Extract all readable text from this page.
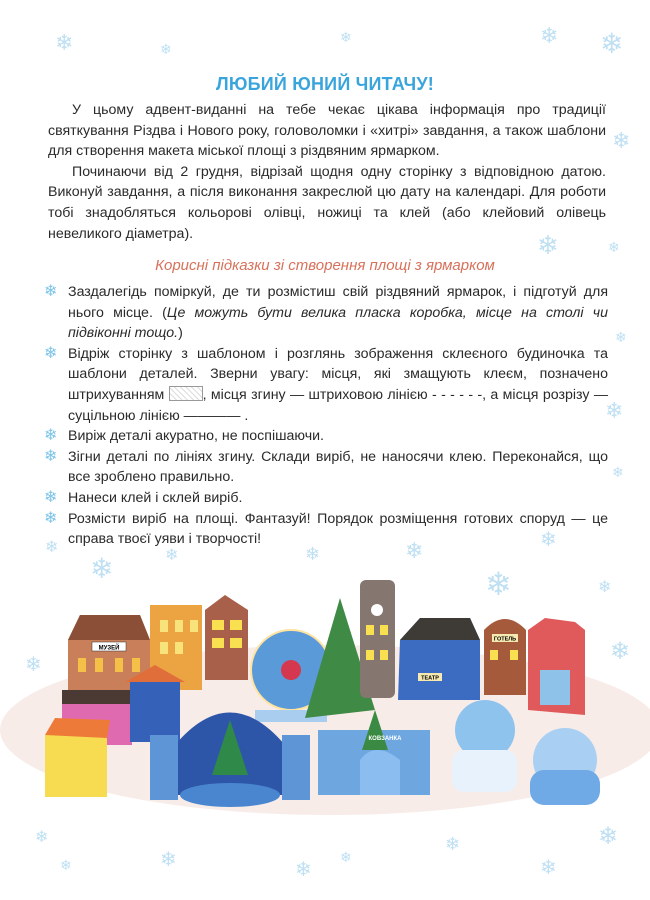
❄	❄
❄	❄ ❄
❄
❄	❄
❄
❄
❄
❄
❄	❄	❄	❄
❄
❄
❄
❄	❄
❄
❄
❄	❄
❄
❄
❄
❄
ЛЮБИЙ ЮНИЙ ЧИТАЧУ!

У цьому адвент-виданні на тебе чекає цікава інформація про традиції святкування Різдва і Нового року, головоломки і «хитрі» завдання, а також шаблони для створення макета міської площі з різдвяним ярмарком.

Починаючи від 2 грудня, відрізай щодня одну сторінку з відповідною датою. Виконуй завдання, а після виконання закреслюй цю дату на календарі. Для роботи тобі знадобляться кольорові олівці, ножиці та клей (або клейовий олівець невеликого діаметра).

Корисні підказки зі створення площі з ярмарком
❄ Заздалегідь поміркуй, де ти розмістиш свій різдвяний ярмарок, і підготуй для нього місце. (Це можуть бути велика пласка коробка, місце на столі чи підвіконні тощо.)
❄ Відріж сторінку з шаблоном і розглянь зображення склеєного будиночка та шаблони деталей. Зверни увагу: місця, які змащують клеєм, позначено штрихуванням , місця згину — штриховою лінією - - - - - -, а місця розрізу — суцільною лінією ———— .
❄ Виріж деталі акуратно, не поспішаючи.
❄ Зігни деталі по лініях згину. Склади виріб, не наносячи клею. Переконайся, що все зроблено правильно.
❄ Нанеси клей і склей виріб.
❄ Розмісти виріб на площі. Фантазуй! Порядок розміщення готових споруд — це справа твоєї уяви і творчості!
МУЗЕЙ
ТЕАТР
ГОТЕЛЬ
КОВЗАНКА
